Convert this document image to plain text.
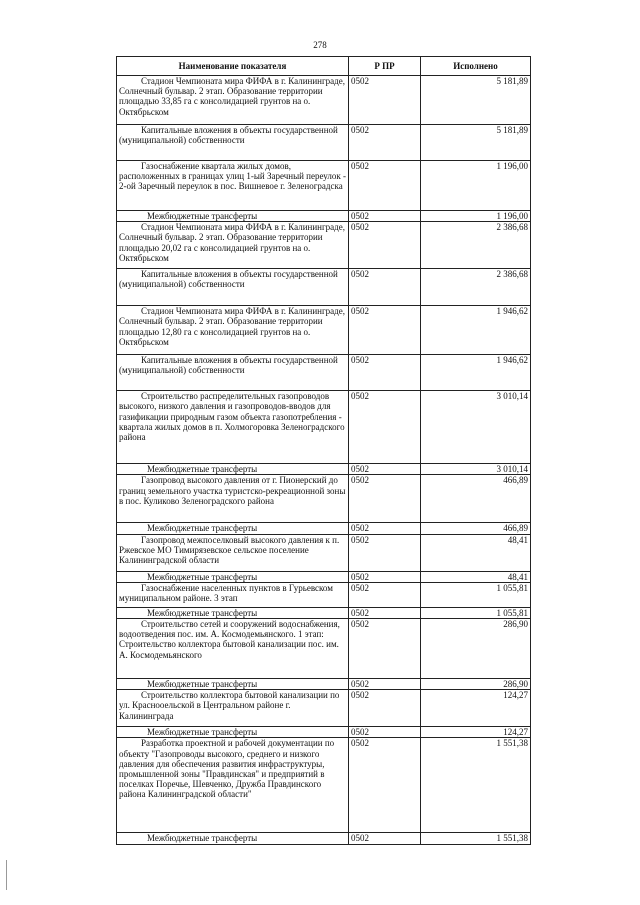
278
Наименование показателя	Р ПР	Исполнено
Стадион Чемпионата мира ФИФА в г. Калининграде, Солнечный бульвар. 2 этап. Образование территории площадью 33,85 га с консолидацией грунтов на о. Октябрьском	0502	5 181,89
Капитальные вложения в объекты государственной (муниципальной) собственности	0502	5 181,89
Газоснабжение квартала жилых домов, расположенных в границах улиц 1-ый Заречный переулок - 2-ой Заречный переулок в пос. Вишневое г. Зеленоградска	0502	1 196,00
Межбюджетные трансферты	0502	1 196,00
Стадион Чемпионата мира ФИФА в г. Калининграде, Солнечный бульвар. 2 этап. Образование территории площадью 20,02 га с консолидацией грунтов на о. Октябрьском	0502	2 386,68
Капитальные вложения в объекты государственной (муниципальной) собственности	0502	2 386,68
Стадион Чемпионата мира ФИФА в г. Калининграде, Солнечный бульвар. 2 этап. Образование территории площадью 12,80 га с консолидацией грунтов на о. Октябрьском	0502	1 946,62
Капитальные вложения в объекты государственной (муниципальной) собственности	0502	1 946,62
Строительство распределительных газопроводов высокого, низкого давления и газопроводов-вводов для газификации природным газом объекта газопотребления - квартала жилых домов в п. Холмогоровка Зеленоградского района	0502	3 010,14
Межбюджетные трансферты	0502	3 010,14
Газопровод высокого давления от г. Пионерский до границ земельного участка туристско-рекреационной зоны в пос. Куликово Зеленоградского района	0502	466,89
Межбюджетные трансферты	0502	466,89
Газопровод межпоселковый высокого давления к п. Ржевское МО Тимирязевское сельское поселение Калининградской области	0502	48,41
Межбюджетные трансферты	0502	48,41
Газоснабжение населенных пунктов в Гурьевском муниципальном районе. 3 этап	0502	1 055,81
Межбюджетные трансферты	0502	1 055,81
Строительство сетей и сооружений водоснабжения, водоотведения пос. им. А. Космодемьянского. 1 этап: Строительство коллектора бытовой канализации пос. им. А. Космодемьянского	0502	286,90
Межбюджетные трансферты	0502	286,90
Строительство коллектора бытовой канализации по ул. Краснооельской в Центральном районе г. Калининграда	0502	124,27
Межбюджетные трансферты	0502	124,27
Разработка проектной и рабочей документации по объекту "Газопроводы высокого, среднего и низкого давления для обеспечения развития инфраструктуры, промышленной зоны "Правдинская" и предприятий в поселках Поречье, Шевченко, Дружба Правдинского района Калининградской области"	0502	1 551,38
Межбюджетные трансферты	0502	1 551,38
